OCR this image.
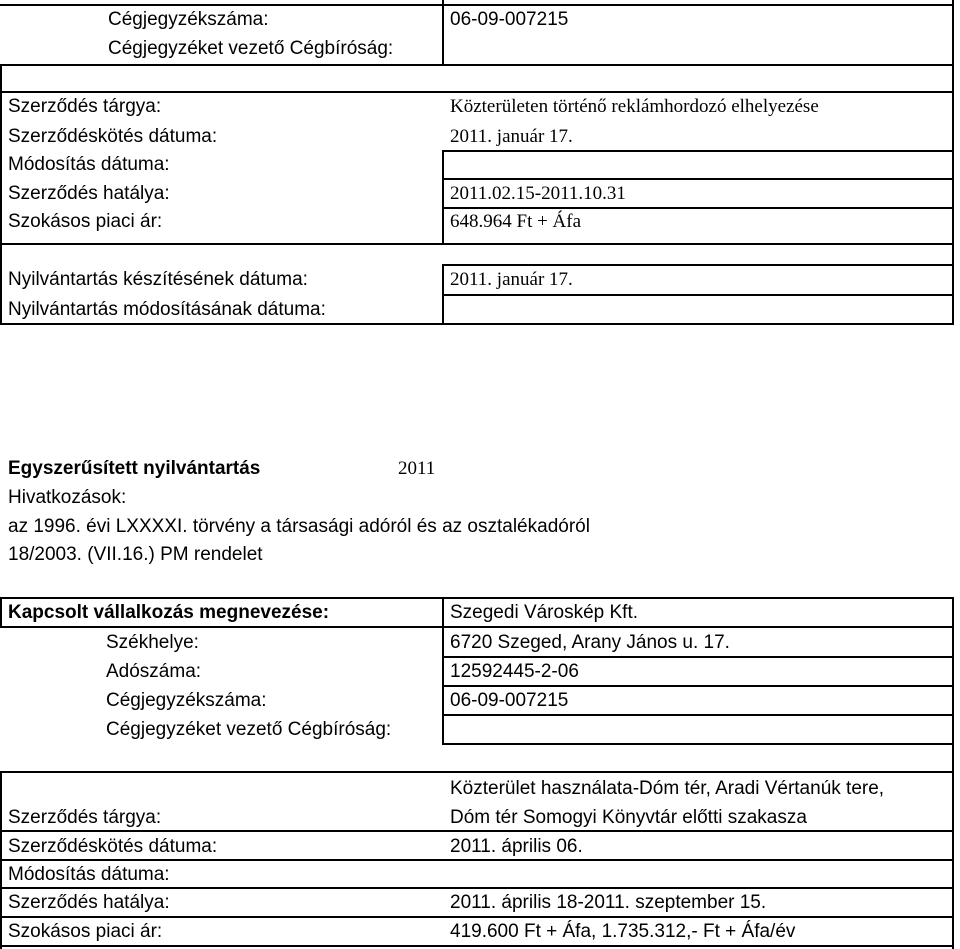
Cégjegyzékszáma:	06-09-007215
Cégjegyzéket vezető Cégbíróság:
Szerződés tárgya:	Közterületen történő reklámhordozó elhelyezése
Szerződéskötés dátuma:	2011. január 17.
Módosítás dátuma:
Szerződés hatálya:	2011.02.15-2011.10.31
Szokásos piaci ár:	648.964 Ft + Áfa
Nyilvántartás készítésének dátuma:	2011. január 17.
Nyilvántartás módosításának dátuma:
Egyszerűsített nyilvántartás	2011
Hivatkozások:
az 1996. évi LXXXXI. törvény a társasági adóról és az osztalékadóról
18/2003. (VII.16.) PM rendelet
Kapcsolt vállalkozás megnevezése:	Szegedi Városkép Kft.
Székhelye:	6720 Szeged, Arany János u. 17.
Adószáma:	12592445-2-06
Cégjegyzékszáma:	06-09-007215
Cégjegyzéket vezető Cégbíróság:
Közterület használata-Dóm tér, Aradi Vértanúk tere,
Szerződés tárgya:	Dóm tér Somogyi Könyvtár előtti szakasza
Szerződéskötés dátuma:	2011. április 06.
Módosítás dátuma:
Szerződés hatálya:	2011. április 18-2011. szeptember 15.
Szokásos piaci ár:	419.600 Ft + Áfa, 1.735.312,- Ft + Áfa/év
